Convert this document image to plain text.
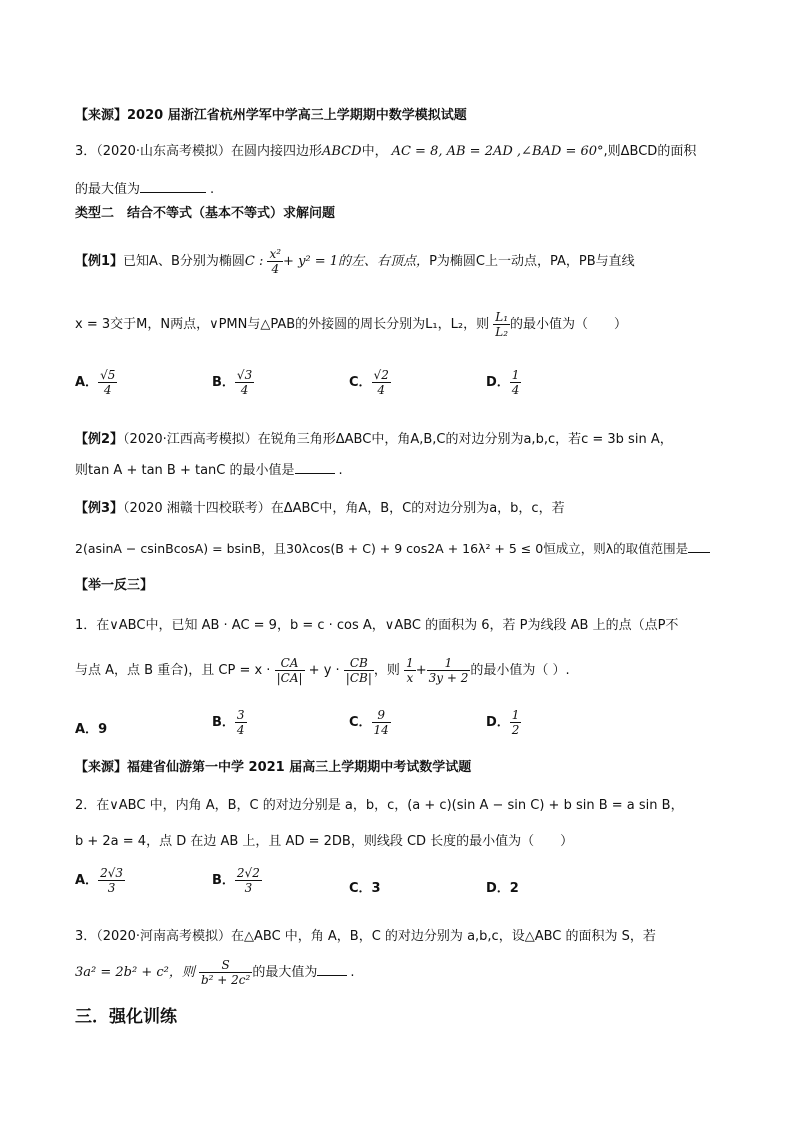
【来源】2020 届浙江省杭州学军中学高三上学期期中数学模拟试题
3．（2020·山东高考模拟）在圆内接四边形ABCD中， AC = 8, AB = 2AD ,∠BAD = 60°,则ΔBCD的面积
的最大值为	.
类型二　结合不等式（基本不等式）求解问题
【例1】已知A、B分别为椭圆C : $\frac{\text{x²}}{4} + y^2 = 1$的左、右顶点，P为椭圆C上一动点，PA，PB与直线
x = 3交于M，N两点，∨PMN与△PAB的外接圆的周长分别为L₁，L₂，则 $\frac{\text{L₁}}{\text{L₂}}$ 的最小值为（　　）
A． $\frac{√5}{4}$	B． $\frac{√3}{4}$	C． $\frac{√2}{4}$	D． $\frac{1}{4}$
【例2】（2020·江西高考模拟）在锐角三角形ΔABC中，角A,B,C的对边分别为a,b,c，若c = 3b sin A，
则tan A + tan B + tanC 的最小值是	.
【例3】（2020 湘赣十四校联考）在ΔABC中，角A，B，C的对边分别为a，b，c，若
2(asinA − csinBcosA) = bsinB，且30λcos(B + C) + 9 cos2A + 16λ² + 5 ≤ 0恒成立，则λ的取值范围是
【举一反三】
1．在∨ABC中，已知 AB · AC = 9，b = c · cos A，∨ABC 的面积为 6，若 P为线段 AB 上的点（点P不
与点 A，点 B 重合)，且 CP = $x \cdot \frac{CA}{|CA|} + y \cdot \frac{CB}{|CB|}$ ，则 $\frac{1}{x} + \frac{1}{3y + 2}$ 的最小值为（ ）.
A．9	B． $\frac{3}{4}$	C． $\frac{9}{14}$	D． $\frac{1}{2}$
【来源】福建省仙游第一中学 2021 届高三上学期期中考试数学试题
2．在∨ABC 中，内角 A，B，C 的对边分别是 a，b，c，(a + c)(sin A − sin C) + b sin B = a sin B，
b + 2a = 4，点 D 在边 AB 上，且 AD = 2DB，则线段 CD 长度的最小值为（　　）
A． $\frac{2√3}{3}$	B． $\frac{2√2}{3}$	C．3	D．2
3．（2020·河南高考模拟）在△ABC 中，角 A，B，C 的对边分别为 a,b,c，设△ABC 的面积为 S，若
3a² = 2b² + c²，则 $\frac{S}{\text{b² + 2c²}}$ 的最大值为	.
三．强化训练
